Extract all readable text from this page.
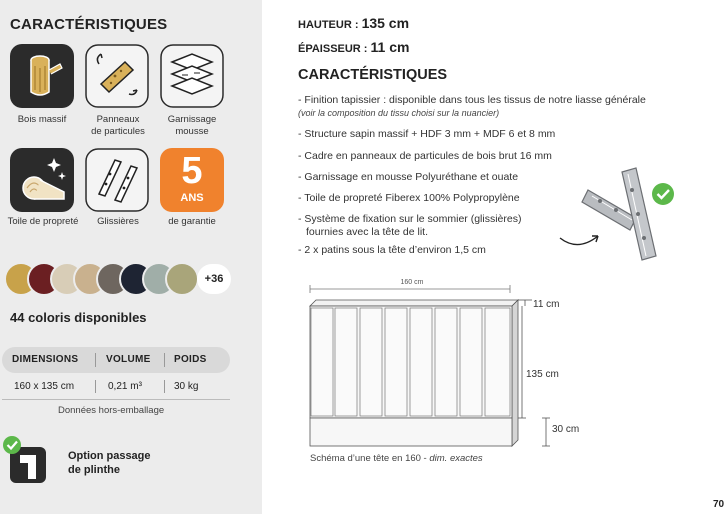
CARACTÉRISTIQUES
Bois massif	Panneaux
de particules
Garnissage
mousse
5
ANS
Toile de propreté	Glissières	de garantie
+36
44 coloris disponibles
DIMENSIONS	VOLUME POIDS
160 x 135 cm	0,21 m³	30 kg
Données hors-emballage
Option passage
de plinthe
HAUTEUR : 135 cm
ÉPAISSEUR : 11 cm
CARACTÉRISTIQUES
- Finition tapissier : disponible dans tous les tissus de notre liasse générale
(voir la composition du tissu choisi sur la nuancier)
- Structure sapin massif + HDF 3 mm + MDF 6 et 8 mm
- Cadre en panneaux de particules de bois brut 16 mm
- Garnissage en mousse Polyuréthane et ouate
- Toile de propreté Fiberex 100% Polypropylène
- Système de fixation sur le sommier (glissières)
fournies avec la tête de lit.
- 2 x patins sous la tête d’environ 1,5 cm
160 cm
11 cm
135 cm
30 cm
Schéma d’une tête en 160 - dim. exactes
70
